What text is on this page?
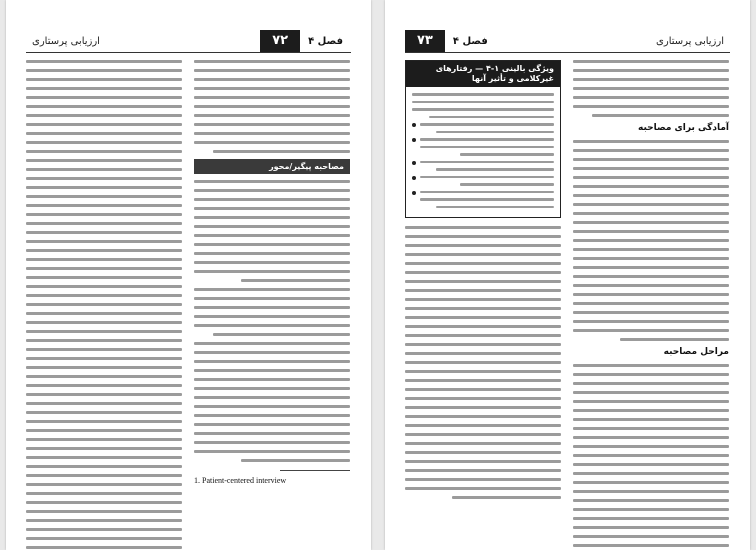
۷۲	فصل ۴
ارزیابی پرستاری
مصاحبه پیگیر/محور
1. Patient-centered interview
۷۳	فصل ۴	ارزیابی پرستاری
ویژگی بالینی ۱-۴ — رفتارهای غیرکلامی و تأثیر آنها
آمادگی برای مصاحبه
مراحل مصاحبه
